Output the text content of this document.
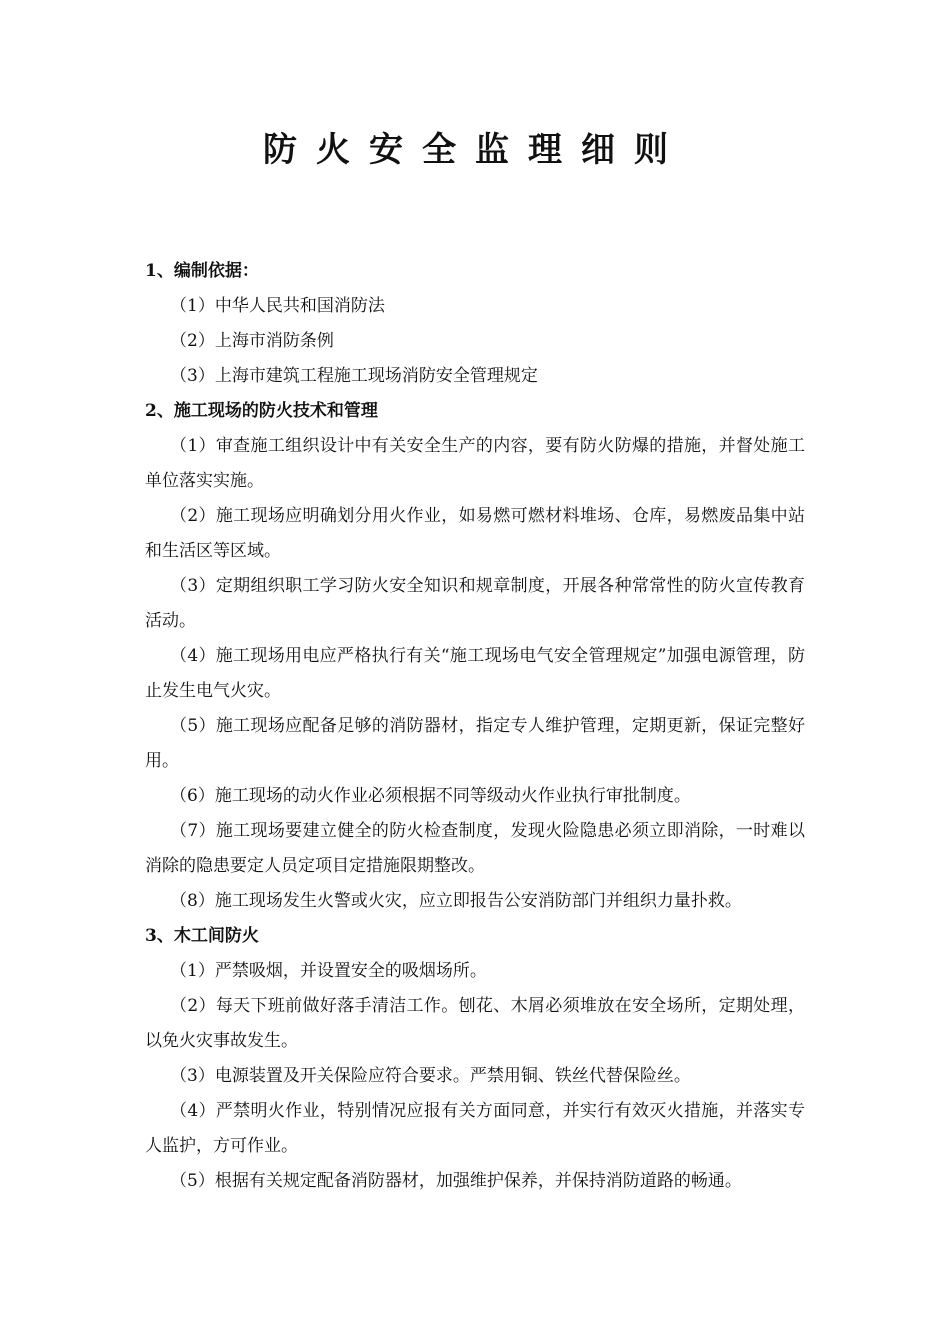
防火安全监理细则

1、编制依据：

（1）中华人民共和国消防法

（2）上海市消防条例

（3）上海市建筑工程施工现场消防安全管理规定

2、施工现场的防火技术和管理

（1）审查施工组织设计中有关安全生产的内容，要有防火防爆的措施，并督处施工单位落实实施。

（2）施工现场应明确划分用火作业，如易燃可燃材料堆场、仓库，易燃废品集中站和生活区等区域。

（3）定期组织职工学习防火安全知识和规章制度，开展各种常常性的防火宣传教育活动。

（4）施工现场用电应严格执行有关“施工现场电气安全管理规定”加强电源管理，防止发生电气火灾。

（5）施工现场应配备足够的消防器材，指定专人维护管理，定期更新，保证完整好用。

（6）施工现场的动火作业必须根据不同等级动火作业执行审批制度。

（7）施工现场要建立健全的防火检查制度，发现火险隐患必须立即消除，一时难以消除的隐患要定人员定项目定措施限期整改。

（8）施工现场发生火警或火灾，应立即报告公安消防部门并组织力量扑救。

3、木工间防火

（1）严禁吸烟，并设置安全的吸烟场所。

（2）每天下班前做好落手清洁工作。刨花、木屑必须堆放在安全场所，定期处理，以免火灾事故发生。

（3）电源装置及开关保险应符合要求。严禁用铜、铁丝代替保险丝。

（4）严禁明火作业，特别情况应报有关方面同意，并实行有效灭火措施，并落实专人监护，方可作业。

（5）根据有关规定配备消防器材，加强维护保养，并保持消防道路的畅通。
